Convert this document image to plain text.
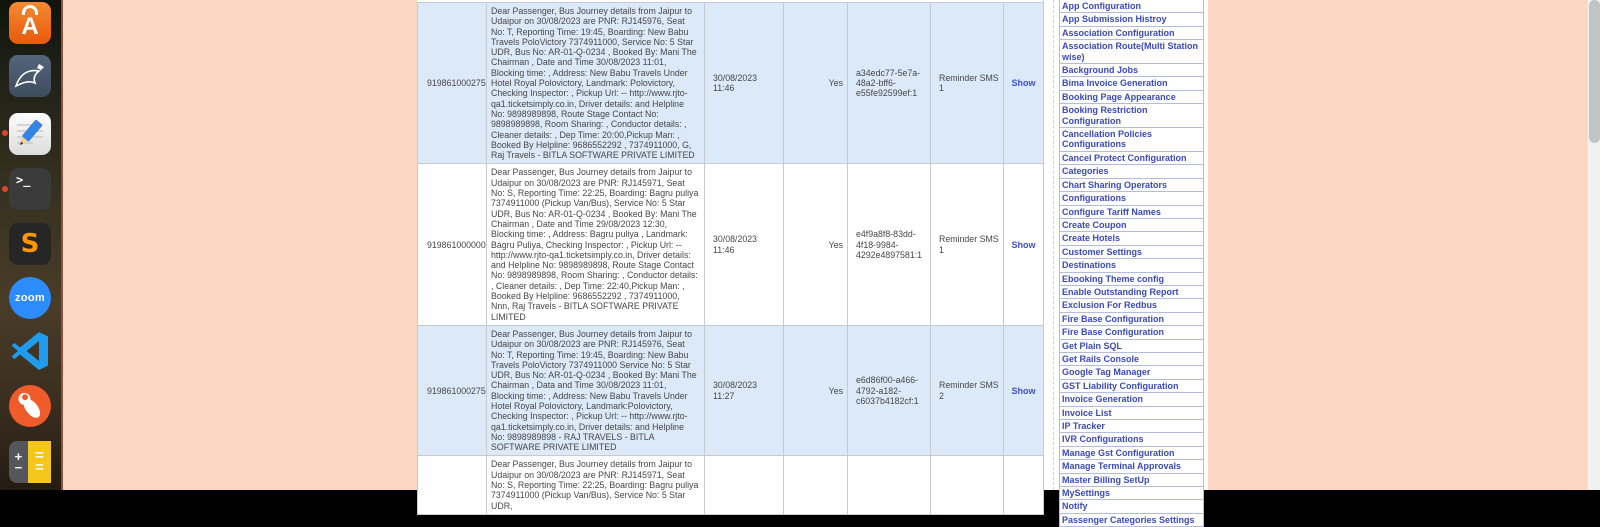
A
>_
S
zoom
+
−
=
=
919861000275	Dear Passenger, Bus Journey details from Jaipur to Udaipur on 30/08/2023 are PNR: RJ145976, Seat No: T, Reporting Time: 19:45, Boarding: New Babu Travels PoloVictory 7374911000, Service No: 5 Star UDR, Bus No: AR-01-Q-0234 , Booked By: Mani The Chairman , Date and Time 30/08/2023 11:01, Blocking time: , Address: New Babu Travels Under Hotel Royal Polovictory, Landmark: Polovictory, Checking Inspector: , Pickup Url: -- http://www.rjto-qa1.ticketsimply.co.in, Driver details: and Helpline No: 9898989898, Route Stage Contact No: 9898989898, Room Sharing: , Conductor details: , Cleaner details: , Dep Time: 20:00,Pickup Man: , Booked By Helpline: 9686552292 , 7374911000, G, Raj Travels - BITLA SOFTWARE PRIVATE LIMITED	30/08/2023 11:46	Yes	a34edc77-5e7a-48a2-bff6-e55fe92599ef:1	Reminder SMS 1	Show
919861000000	Dear Passenger, Bus Journey details from Jaipur to Udaipur on 30/08/2023 are PNR: RJ145971, Seat No: S, Reporting Time: 22:25, Boarding: Bagru puliya 7374911000 (Pickup Van/Bus), Service No: 5 Star UDR, Bus No: AR-01-Q-0234 , Booked By: Mani The Chairman , Date and Time 29/08/2023 12:30, Blocking time: , Address: Bagru puliya , Landmark: Bagru Puliya, Checking Inspector: , Pickup Url: -- http://www.rjto-qa1.ticketsimply.co.in, Driver details: and Helpline No: 9898989898, Route Stage Contact No: 9898989898, Room Sharing: , Conductor details: , Cleaner details: , Dep Time: 22:40,Pickup Man: , Booked By Helpline: 9686552292 , 7374911000, Nnn, Raj Travels - BITLA SOFTWARE PRIVATE LIMITED	30/08/2023 11:46	Yes	e4f9a8f8-83dd-4f18-9984-4292e4897581:1	Reminder SMS 1	Show
919861000275	Dear Passenger, Bus Journey details from Jaipur to Udaipur on 30/08/2023 are PNR: RJ145976, Seat No: T, Reporting Time: 19:45, Boarding: New Babu Travels PoloVictory 7374911000 Service No: 5 Star UDR, Bus No: AR-01-Q-0234 , Booked By: Mani The Chairman , Data and Time 30/08/2023 11:01, Blocking time: , Address: New Babu Travels Under Hotel Royal Polovictory, Landmark:Polovictory, Checking Inspector: , Pickup Url: -- http://www.rjto-qa1.ticketsimply.co.in, Driver details: and Helpline No: 9898989898 - RAJ TRAVELS - BITLA SOFTWARE PRIVATE LIMITED	30/08/2023 11:27	Yes	e6d86f00-a466-4792-a182-c6037b4182cf:1	Reminder SMS 2	Show
	Dear Passenger, Bus Journey details from Jaipur to Udaipur on 30/08/2023 are PNR: RJ145971, Seat No: S, Reporting Time: 22:25, Boarding: Bagru puliya 7374911000 (Pickup Van/Bus), Service No: 5 Star UDR,					
App Configuration
App Submission Histroy
Association Configuration
Association Route(Multi Station wise)
Background Jobs
Bima Invoice Generation
Booking Page Appearance
Booking Restriction Configuration
Cancellation Policies Configurations
Cancel Protect Configuration
Categories
Chart Sharing Operators
Configurations
Configure Tariff Names
Create Coupon
Create Hotels
Customer Settings
Destinations
Ebooking Theme config
Enable Outstanding Report
Exclusion For Redbus
Fire Base Configuration
Fire Base Configuration
Get Plain SQL
Get Rails Console
Google Tag Manager
GST Liability Configuration
Invoice Generation
Invoice List
IP Tracker
IVR Configurations
Manage Gst Configuration
Manage Terminal Approvals
Master Billing SetUp
MySettings
Notify
Passenger Categories Settings
